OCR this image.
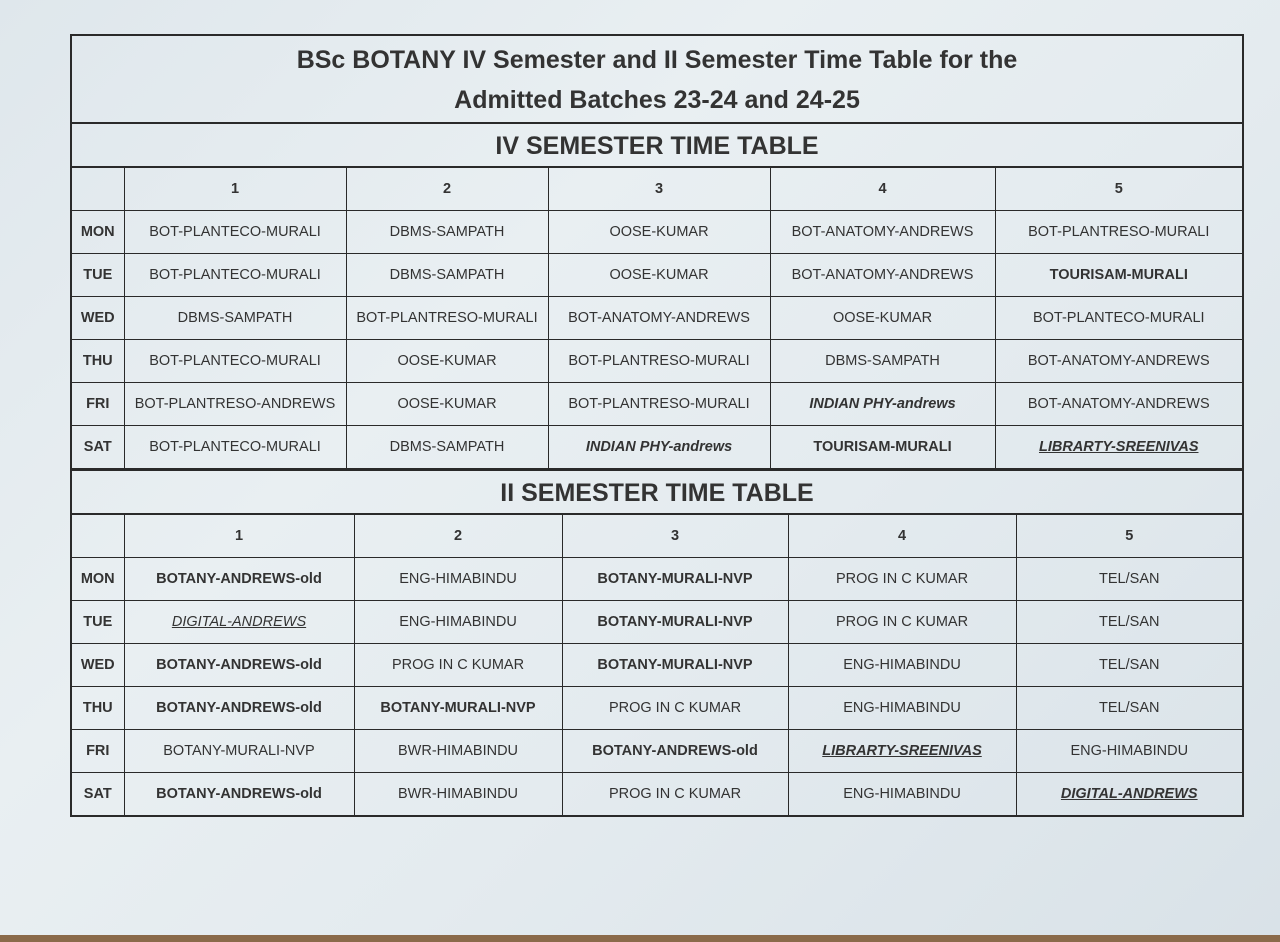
BSc BOTANY IV Semester and II Semester Time Table for the
Admitted Batches 23-24 and 24-25
IV SEMESTER TIME TABLE
	1	2	3	4	5
MON	BOT-PLANTECO-MURALI	DBMS-SAMPATH	OOSE-KUMAR	BOT-ANATOMY-ANDREWS	BOT-PLANTRESO-MURALI
TUE	BOT-PLANTECO-MURALI	DBMS-SAMPATH	OOSE-KUMAR	BOT-ANATOMY-ANDREWS	TOURISAM-MURALI
WED	DBMS-SAMPATH	BOT-PLANTRESO-MURALI	BOT-ANATOMY-ANDREWS	OOSE-KUMAR	BOT-PLANTECO-MURALI
THU	BOT-PLANTECO-MURALI	OOSE-KUMAR	BOT-PLANTRESO-MURALI	DBMS-SAMPATH	BOT-ANATOMY-ANDREWS
FRI	BOT-PLANTRESO-ANDREWS	OOSE-KUMAR	BOT-PLANTRESO-MURALI	INDIAN PHY-andrews	BOT-ANATOMY-ANDREWS
SAT	BOT-PLANTECO-MURALI	DBMS-SAMPATH	INDIAN PHY-andrews	TOURISAM-MURALI	LIBRARTY-SREENIVAS
II SEMESTER TIME TABLE
	1	2	3	4	5
MON	BOTANY-ANDREWS-old	ENG-HIMABINDU	BOTANY-MURALI-NVP	PROG IN C KUMAR	TEL/SAN
TUE	DIGITAL-ANDREWS	ENG-HIMABINDU	BOTANY-MURALI-NVP	PROG IN C KUMAR	TEL/SAN
WED	BOTANY-ANDREWS-old	PROG IN C KUMAR	BOTANY-MURALI-NVP	ENG-HIMABINDU	TEL/SAN
THU	BOTANY-ANDREWS-old	BOTANY-MURALI-NVP	PROG IN C KUMAR	ENG-HIMABINDU	TEL/SAN
FRI	BOTANY-MURALI-NVP	BWR-HIMABINDU	BOTANY-ANDREWS-old	LIBRARTY-SREENIVAS	ENG-HIMABINDU
SAT	BOTANY-ANDREWS-old	BWR-HIMABINDU	PROG IN C KUMAR	ENG-HIMABINDU	DIGITAL-ANDREWS
